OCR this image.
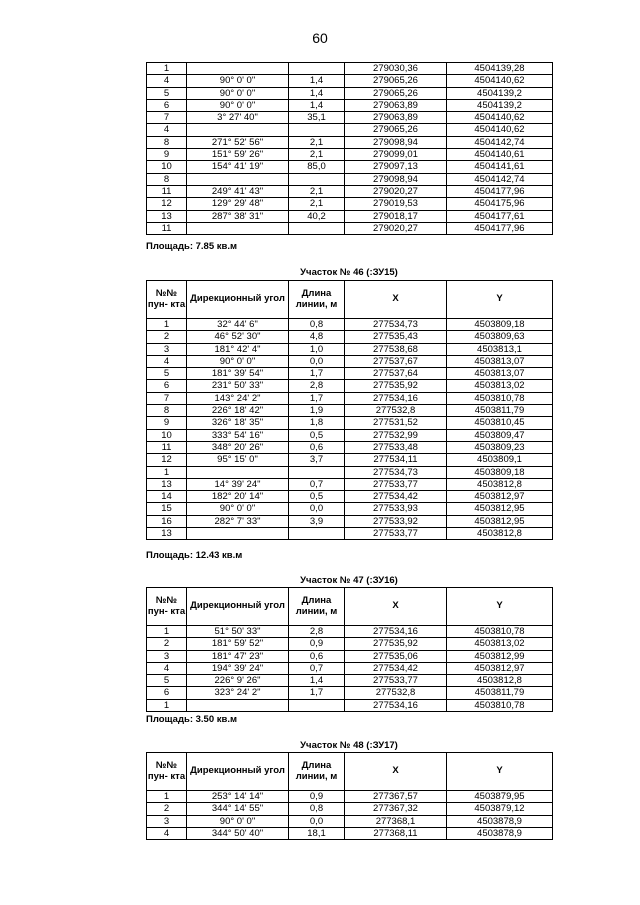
60
1			279030,36	4504139,28
4	90° 0' 0"	1,4	279065,26	4504140,62
5	90° 0' 0"	1,4	279065,26	4504139,2
6	90° 0' 0"	1,4	279063,89	4504139,2
7	3° 27' 40"	35,1	279063,89	4504140,62
4			279065,26	4504140,62
8	271° 52' 56"	2,1	279098,94	4504142,74
9	151° 59' 26"	2,1	279099,01	4504140,61
10	154° 41' 19"	85,0	279097,13	4504141,61
8			279098,94	4504142,74
11	249° 41' 43"	2,1	279020,27	4504177,96
12	129° 29' 48"	2,1	279019,53	4504175,96
13	287° 38' 31"	40,2	279018,17	4504177,61
11			279020,27	4504177,96
Площадь: 7.85 кв.м
Участок № 46 (:ЗУ15)
№№ пун- кта	Дирекционный угол	Длина линии, м	X	Y
1	32° 44' 6"	0,8	277534,73	4503809,18
2	46° 52' 30"	4,8	277535,43	4503809,63
3	181° 42' 4"	1,0	277538,68	4503813,1
4	90° 0' 0"	0,0	277537,67	4503813,07
5	181° 39' 54"	1,7	277537,64	4503813,07
6	231° 50' 33"	2,8	277535,92	4503813,02
7	143° 24' 2"	1,7	277534,16	4503810,78
8	226° 18' 42"	1,9	277532,8	4503811,79
9	326° 18' 35"	1,8	277531,52	4503810,45
10	333° 54' 16"	0,5	277532,99	4503809,47
11	348° 20' 26"	0,6	277533,48	4503809,23
12	95° 15' 0"	3,7	277534,11	4503809,1
1			277534,73	4503809,18
13	14° 39' 24"	0,7	277533,77	4503812,8
14	182° 20' 14"	0,5	277534,42	4503812,97
15	90° 0' 0"	0,0	277533,93	4503812,95
16	282° 7' 33"	3,9	277533,92	4503812,95
13			277533,77	4503812,8
Площадь: 12.43 кв.м
Участок № 47 (:ЗУ16)
№№ пун- кта	Дирекционный угол	Длина линии, м	X	Y
1	51° 50' 33"	2,8	277534,16	4503810,78
2	181° 59' 52"	0,9	277535,92	4503813,02
3	181° 47' 23"	0,6	277535,06	4503812,99
4	194° 39' 24"	0,7	277534,42	4503812,97
5	226° 9' 26"	1,4	277533,77	4503812,8
6	323° 24' 2"	1,7	277532,8	4503811,79
1			277534,16	4503810,78
Площадь: 3.50 кв.м
Участок № 48 (:ЗУ17)
№№ пун- кта	Дирекционный угол	Длина линии, м	X	Y
1	253° 14' 14"	0,9	277367,57	4503879,95
2	344° 14' 55"	0,8	277367,32	4503879,12
3	90° 0' 0"	0,0	277368,1	4503878,9
4	344° 50' 40"	18,1	277368,11	4503878,9
